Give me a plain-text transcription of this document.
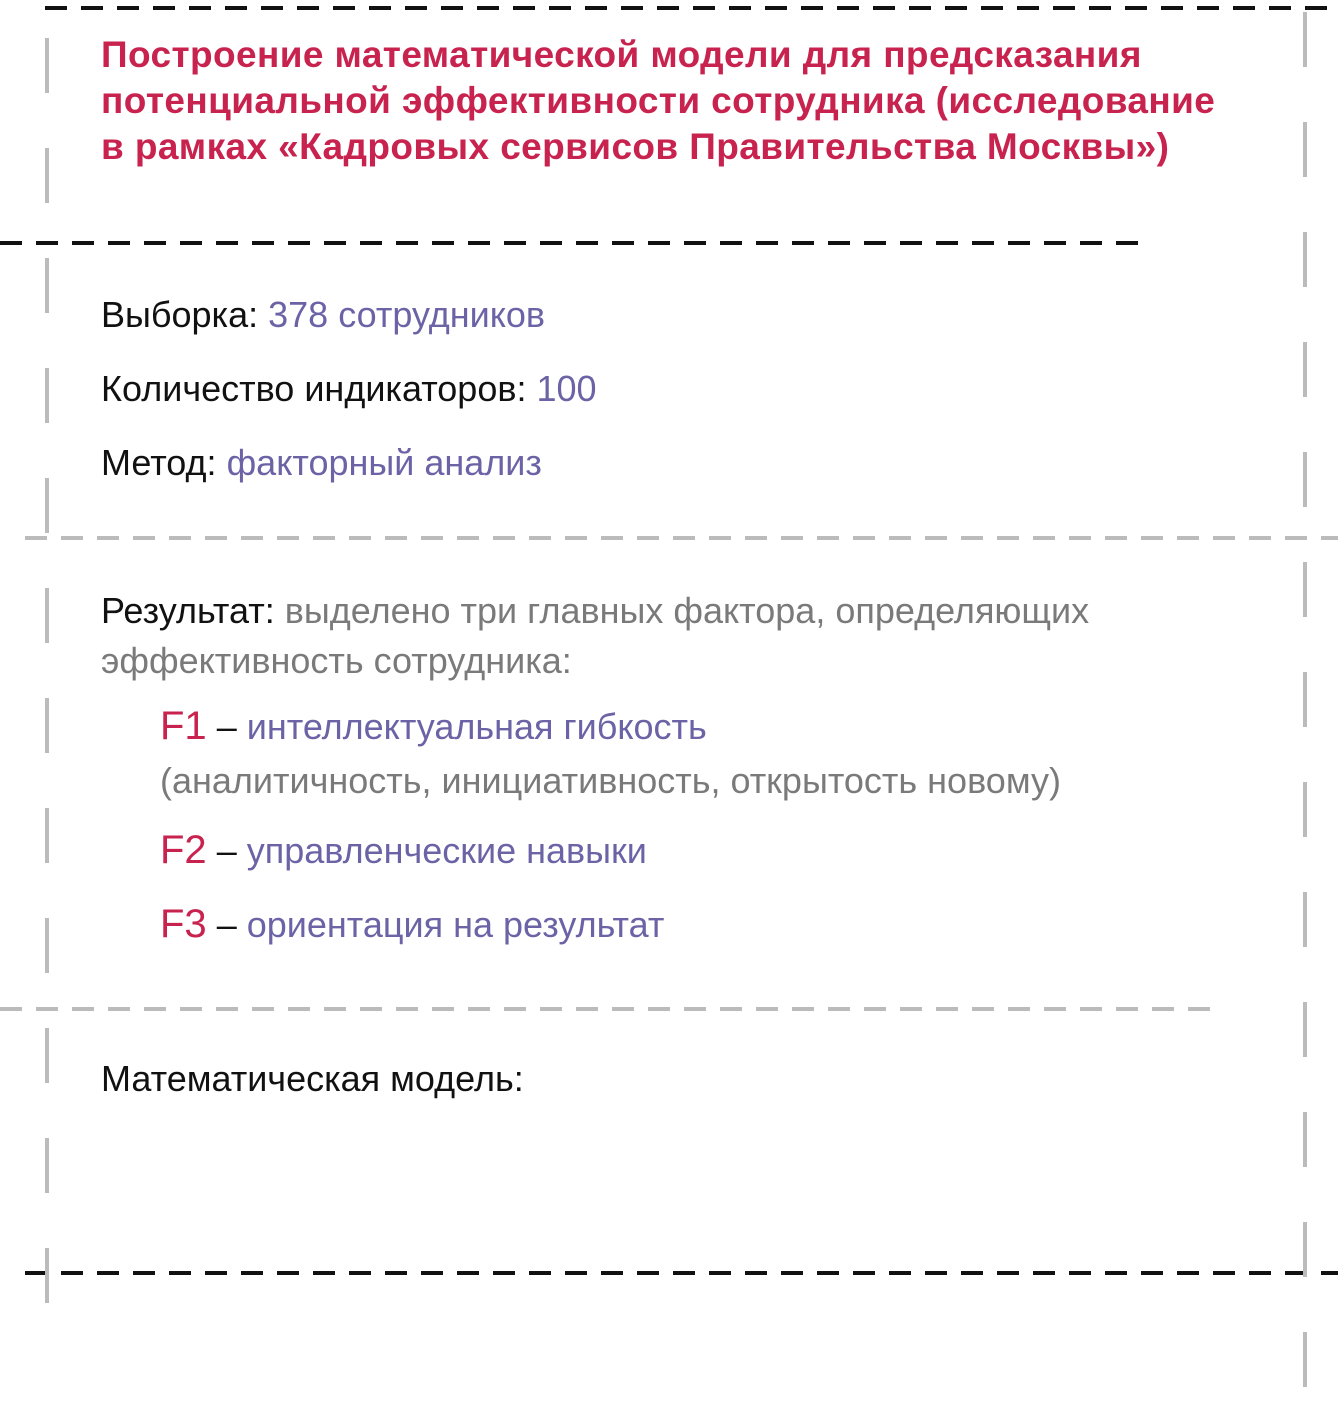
Построение математической модели для предсказания потенциальной эффективности сотрудника (исследование в рамках «Кадровых сервисов Правительства Москвы»)

Выборка: 378 сотрудников

Количество индикаторов: 100

Метод: факторный анализ

Результат: выделено три главных фактора, определяющих эффективность сотрудника:

F1 – интеллектуальная гибкость

(аналитичность, инициативность, открытость новому)

F2 – управленческие навыки

F3 – ориентация на результат

Математическая модель:
